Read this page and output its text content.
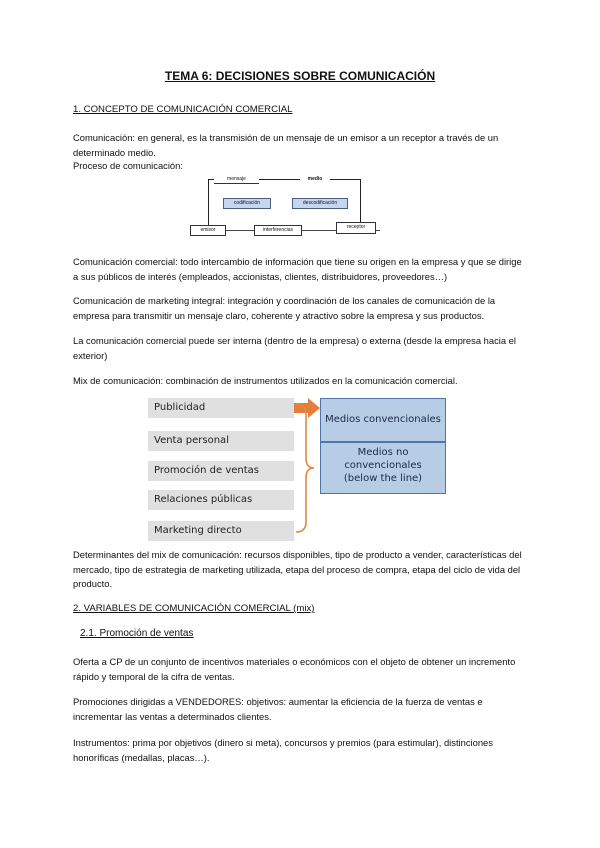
TEMA 6: DECISIONES SOBRE COMUNICACIÓN

1. CONCEPTO DE COMUNICACIÓN COMERCIAL

Comunicación: en general, es la transmisión de un mensaje de un emisor a un receptor a través de un determinado medio.

Proceso de comunicación:

mensaje	medio
codificación	descodificación
emisor	interferencias	receptor

Comunicación comercial: todo intercambio de información que tiene su origen en la empresa y que se dirige a sus públicos de interés (empleados, accionistas, clientes, distribuidores, proveedores…)

Comunicación de marketing integral: integración y coordinación de los canales de comunicación de la empresa para transmitir un mensaje claro, coherente y atractivo sobre la empresa y sus productos.

La comunicación comercial puede ser interna (dentro de la empresa) o externa (desde la empresa hacia el exterior)

Mix de comunicación: combinación de instrumentos utilizados en la comunicación comercial.

Publicidad
Venta personal
Promoción de ventas
Relaciones públicas
Marketing directo
Medios convencionales
Medios no
convencionales
(below the line)

Determinantes del mix de comunicación: recursos disponibles, tipo de producto a vender, características del mercado, tipo de estrategia de marketing utilizada, etapa del proceso de compra, etapa del ciclo de vida del producto.

2. VARIABLES DE COMUNICACIÓN COMERCIAL (mix)

2.1. Promoción de ventas

Oferta a CP de un conjunto de incentivos materiales o económicos con el objeto de obtener un incremento rápido y temporal de la cifra de ventas.

Promociones dirigidas a VENDEDORES: objetivos: aumentar la eficiencia de la fuerza de ventas e incrementar las ventas a determinados clientes.

Instrumentos: prima por objetivos (dinero si meta), concursos y premios (para estimular), distinciones honoríficas (medallas, placas…).
